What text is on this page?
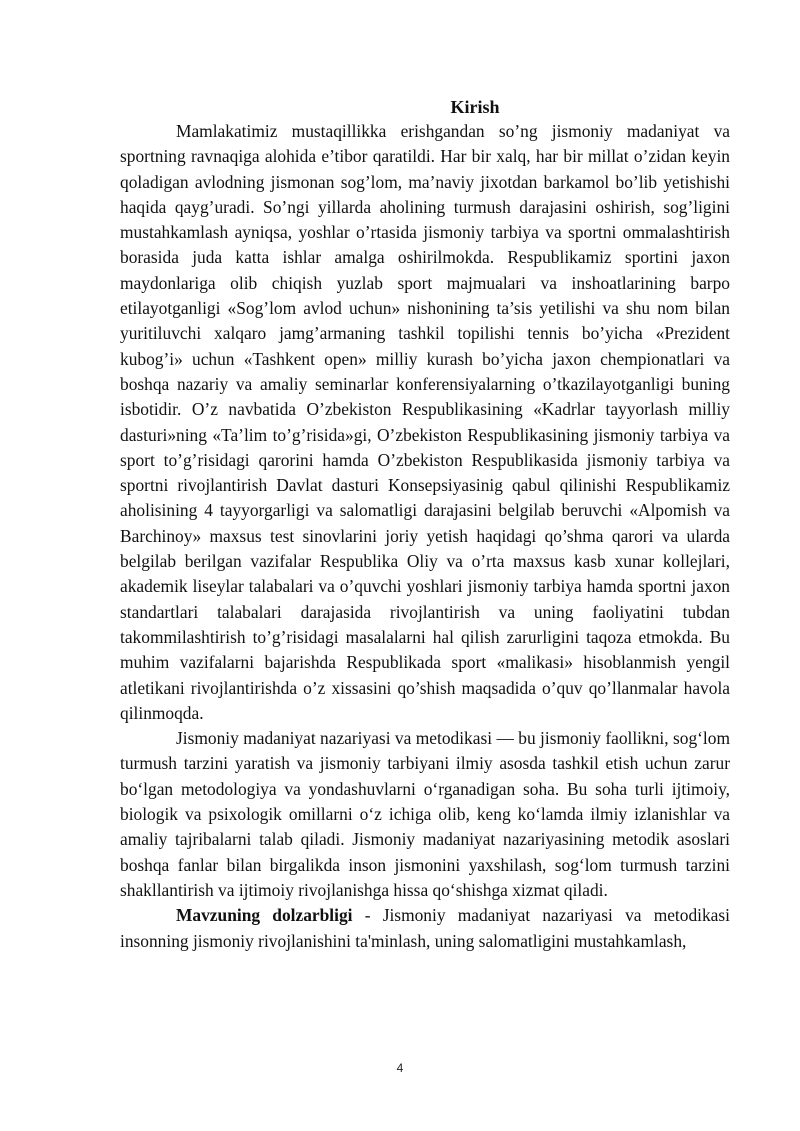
Kirish

Mamlakatimiz mustaqillikka erishgandan so’ng jismoniy madaniyat va sportning ravnaqiga alohida e’tibor qaratildi. Har bir xalq, har bir millat o’zidan keyin qoladigan avlodning jismonan sog’lom, ma’naviy jixotdan barkamol bo’lib yetishishi haqida qayg’uradi. So’ngi yillarda aholining turmush darajasini oshirish, sog’ligini mustahkamlash ayniqsa, yoshlar o’rtasida jismoniy tarbiya va sportni ommalashtirish borasida juda katta ishlar amalga oshirilmokda. Respublikamiz sportini jaxon maydonlariga olib chiqish yuzlab sport majmualari va inshoatlarining barpo etilayotganligi «Sog’lom avlod uchun» nishonining ta’sis yetilishi va shu nom bilan yuritiluvchi xalqaro jamg’armaning tashkil topilishi tennis bo’yicha «Prezident kubog’i» uchun «Tashkent open» milliy kurash bo’yicha jaxon chempionatlari va boshqa nazariy va amaliy seminarlar konferensiyalarning o’tkazilayotganligi buning isbotidir. O’z navbatida O’zbekiston Respublikasining «Kadrlar tayyorlash milliy dasturi»ning «Ta’lim to’g’risida»gi, O’zbekiston Respublikasining jismoniy tarbiya va sport to’g’risidagi qarorini hamda O’zbekiston Respublikasida jismoniy tarbiya va sportni rivojlantirish Davlat dasturi Konsepsiyasinig qabul qilinishi Respublikamiz aholisining 4 tayyorgarligi va salomatligi darajasini belgilab beruvchi «Alpomish va Barchinoy» maxsus test sinovlarini joriy yetish haqidagi qo’shma qarori va ularda belgilab berilgan vazifalar Respublika Oliy va o’rta maxsus kasb xunar kollejlari, akademik liseylar talabalari va o’quvchi yoshlari jismoniy tarbiya hamda sportni jaxon standartlari talabalari darajasida rivojlantirish va uning faoliyatini tubdan takommilashtirish to’g’risidagi masalalarni hal qilish zarurligini taqoza etmokda. Bu muhim vazifalarni bajarishda Respublikada sport «malikasi» hisoblanmish yengil atletikani rivojlantirishda o’z xissasini qo’shish maqsadida o’quv qo’llanmalar havola qilinmoqda.

Jismoniy madaniyat nazariyasi va metodikasi — bu jismoniy faollikni, sog‘lom turmush tarzini yaratish va jismoniy tarbiyani ilmiy asosda tashkil etish uchun zarur bo‘lgan metodologiya va yondashuvlarni o‘rganadigan soha. Bu soha turli ijtimoiy, biologik va psixologik omillarni o‘z ichiga olib, keng ko‘lamda ilmiy izlanishlar va amaliy tajribalarni talab qiladi. Jismoniy madaniyat nazariyasining metodik asoslari boshqa fanlar bilan birgalikda inson jismonini yaxshilash, sog‘lom turmush tarzini shakllantirish va ijtimoiy rivojlanishga hissa qo‘shishga xizmat qiladi.

Mavzuning dolzarbligi - Jismoniy madaniyat nazariyasi va metodikasi insonning jismoniy rivojlanishini ta'minlash, uning salomatligini mustahkamlash,

4
